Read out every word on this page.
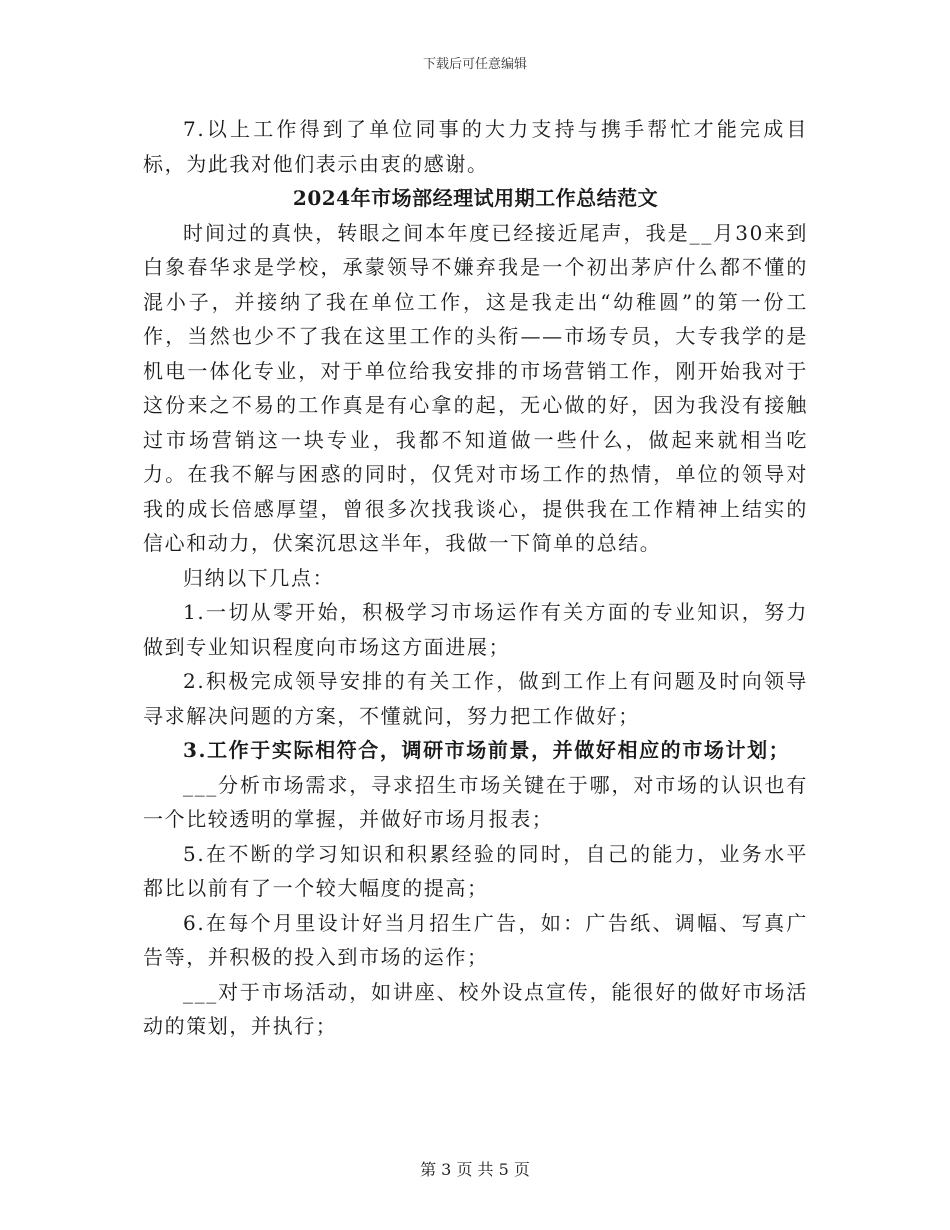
下载后可任意编辑

7.以上工作得到了单位同事的大力支持与携手帮忙才能完成目标，为此我对他们表示由衷的感谢。

2024年市场部经理试用期工作总结范文

时间过的真快，转眼之间本年度已经接近尾声，我是__月30来到白象春华求是学校，承蒙领导不嫌弃我是一个初出茅庐什么都不懂的混小子，并接纳了我在单位工作，这是我走出“幼稚圆”的第一份工作，当然也少不了我在这里工作的头衔——市场专员，大专我学的是机电一体化专业，对于单位给我安排的市场营销工作，刚开始我对于这份来之不易的工作真是有心拿的起，无心做的好，因为我没有接触过市场营销这一块专业，我都不知道做一些什么，做起来就相当吃力。在我不解与困惑的同时，仅凭对市场工作的热情，单位的领导对我的成长倍感厚望，曾很多次找我谈心，提供我在工作精神上结实的信心和动力，伏案沉思这半年，我做一下简单的总结。

归纳以下几点：

1.一切从零开始，积极学习市场运作有关方面的专业知识，努力做到专业知识程度向市场这方面进展；

2.积极完成领导安排的有关工作，做到工作上有问题及时向领导寻求解决问题的方案，不懂就问，努力把工作做好；

3.工作于实际相符合，调研市场前景，并做好相应的市场计划；

___分析市场需求，寻求招生市场关键在于哪，对市场的认识也有一个比较透明的掌握，并做好市场月报表；

5.在不断的学习知识和积累经验的同时，自己的能力，业务水平都比以前有了一个较大幅度的提高；

6.在每个月里设计好当月招生广告，如：广告纸、调幅、写真广告等，并积极的投入到市场的运作；

___对于市场活动，如讲座、校外设点宣传，能很好的做好市场活动的策划，并执行；

第 3 页 共 5 页
